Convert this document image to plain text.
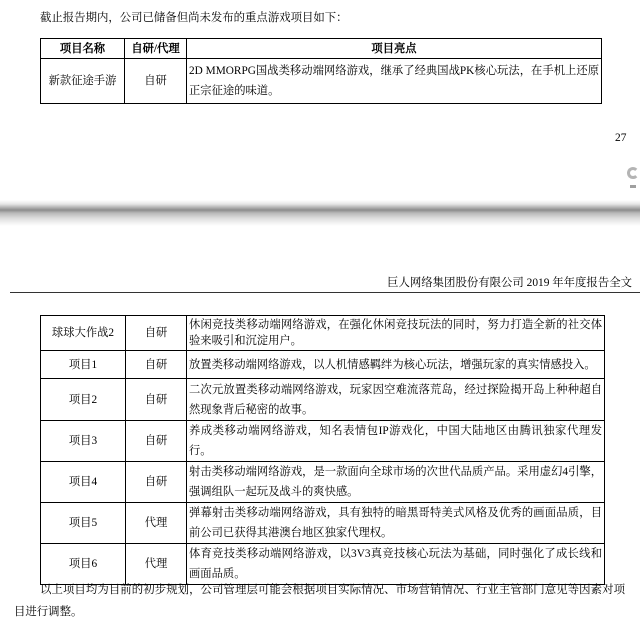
截止报告期内，公司已储备但尚未发布的重点游戏项目如下：

项目名称	自研/代理	项目亮点
新款征途手游	自研	2D MMORPG国战类移动端网络游戏，继承了经典国战PK核心玩法，在手机上还原正宗征途的味道。
27
巨人网络集团股份有限公司 2019 年年度报告全文
球球大作战2	自研	休闲竞技类移动端网络游戏，在强化休闲竞技玩法的同时，努力打造全新的社交体验来吸引和沉淀用户。
项目1	自研	放置类移动端网络游戏，以人机情感羁绊为核心玩法，增强玩家的真实情感投入。
项目2	自研	二次元放置类移动端网络游戏，玩家因空难流落荒岛，经过探险揭开岛上种种超自然现象背后秘密的故事。
项目3	自研	养成类移动端网络游戏，知名表情包IP游戏化，中国大陆地区由腾讯独家代理发行。
项目4	自研	射击类移动端网络游戏，是一款面向全球市场的次世代品质产品。采用虚幻4引擎，强调组队一起玩及战斗的爽快感。
项目5	代理	弹幕射击类移动端网络游戏，具有独特的暗黑哥特美式风格及优秀的画面品质，目前公司已获得其港澳台地区独家代理权。
项目6	代理	体育竞技类移动端网络游戏，以3V3真竞技核心玩法为基础，同时强化了成长线和画面品质。

以上项目均为目前的初步规划，公司管理层可能会根据项目实际情况、市场营销情况、行业主管部门意见等因素对项目进行调整。
